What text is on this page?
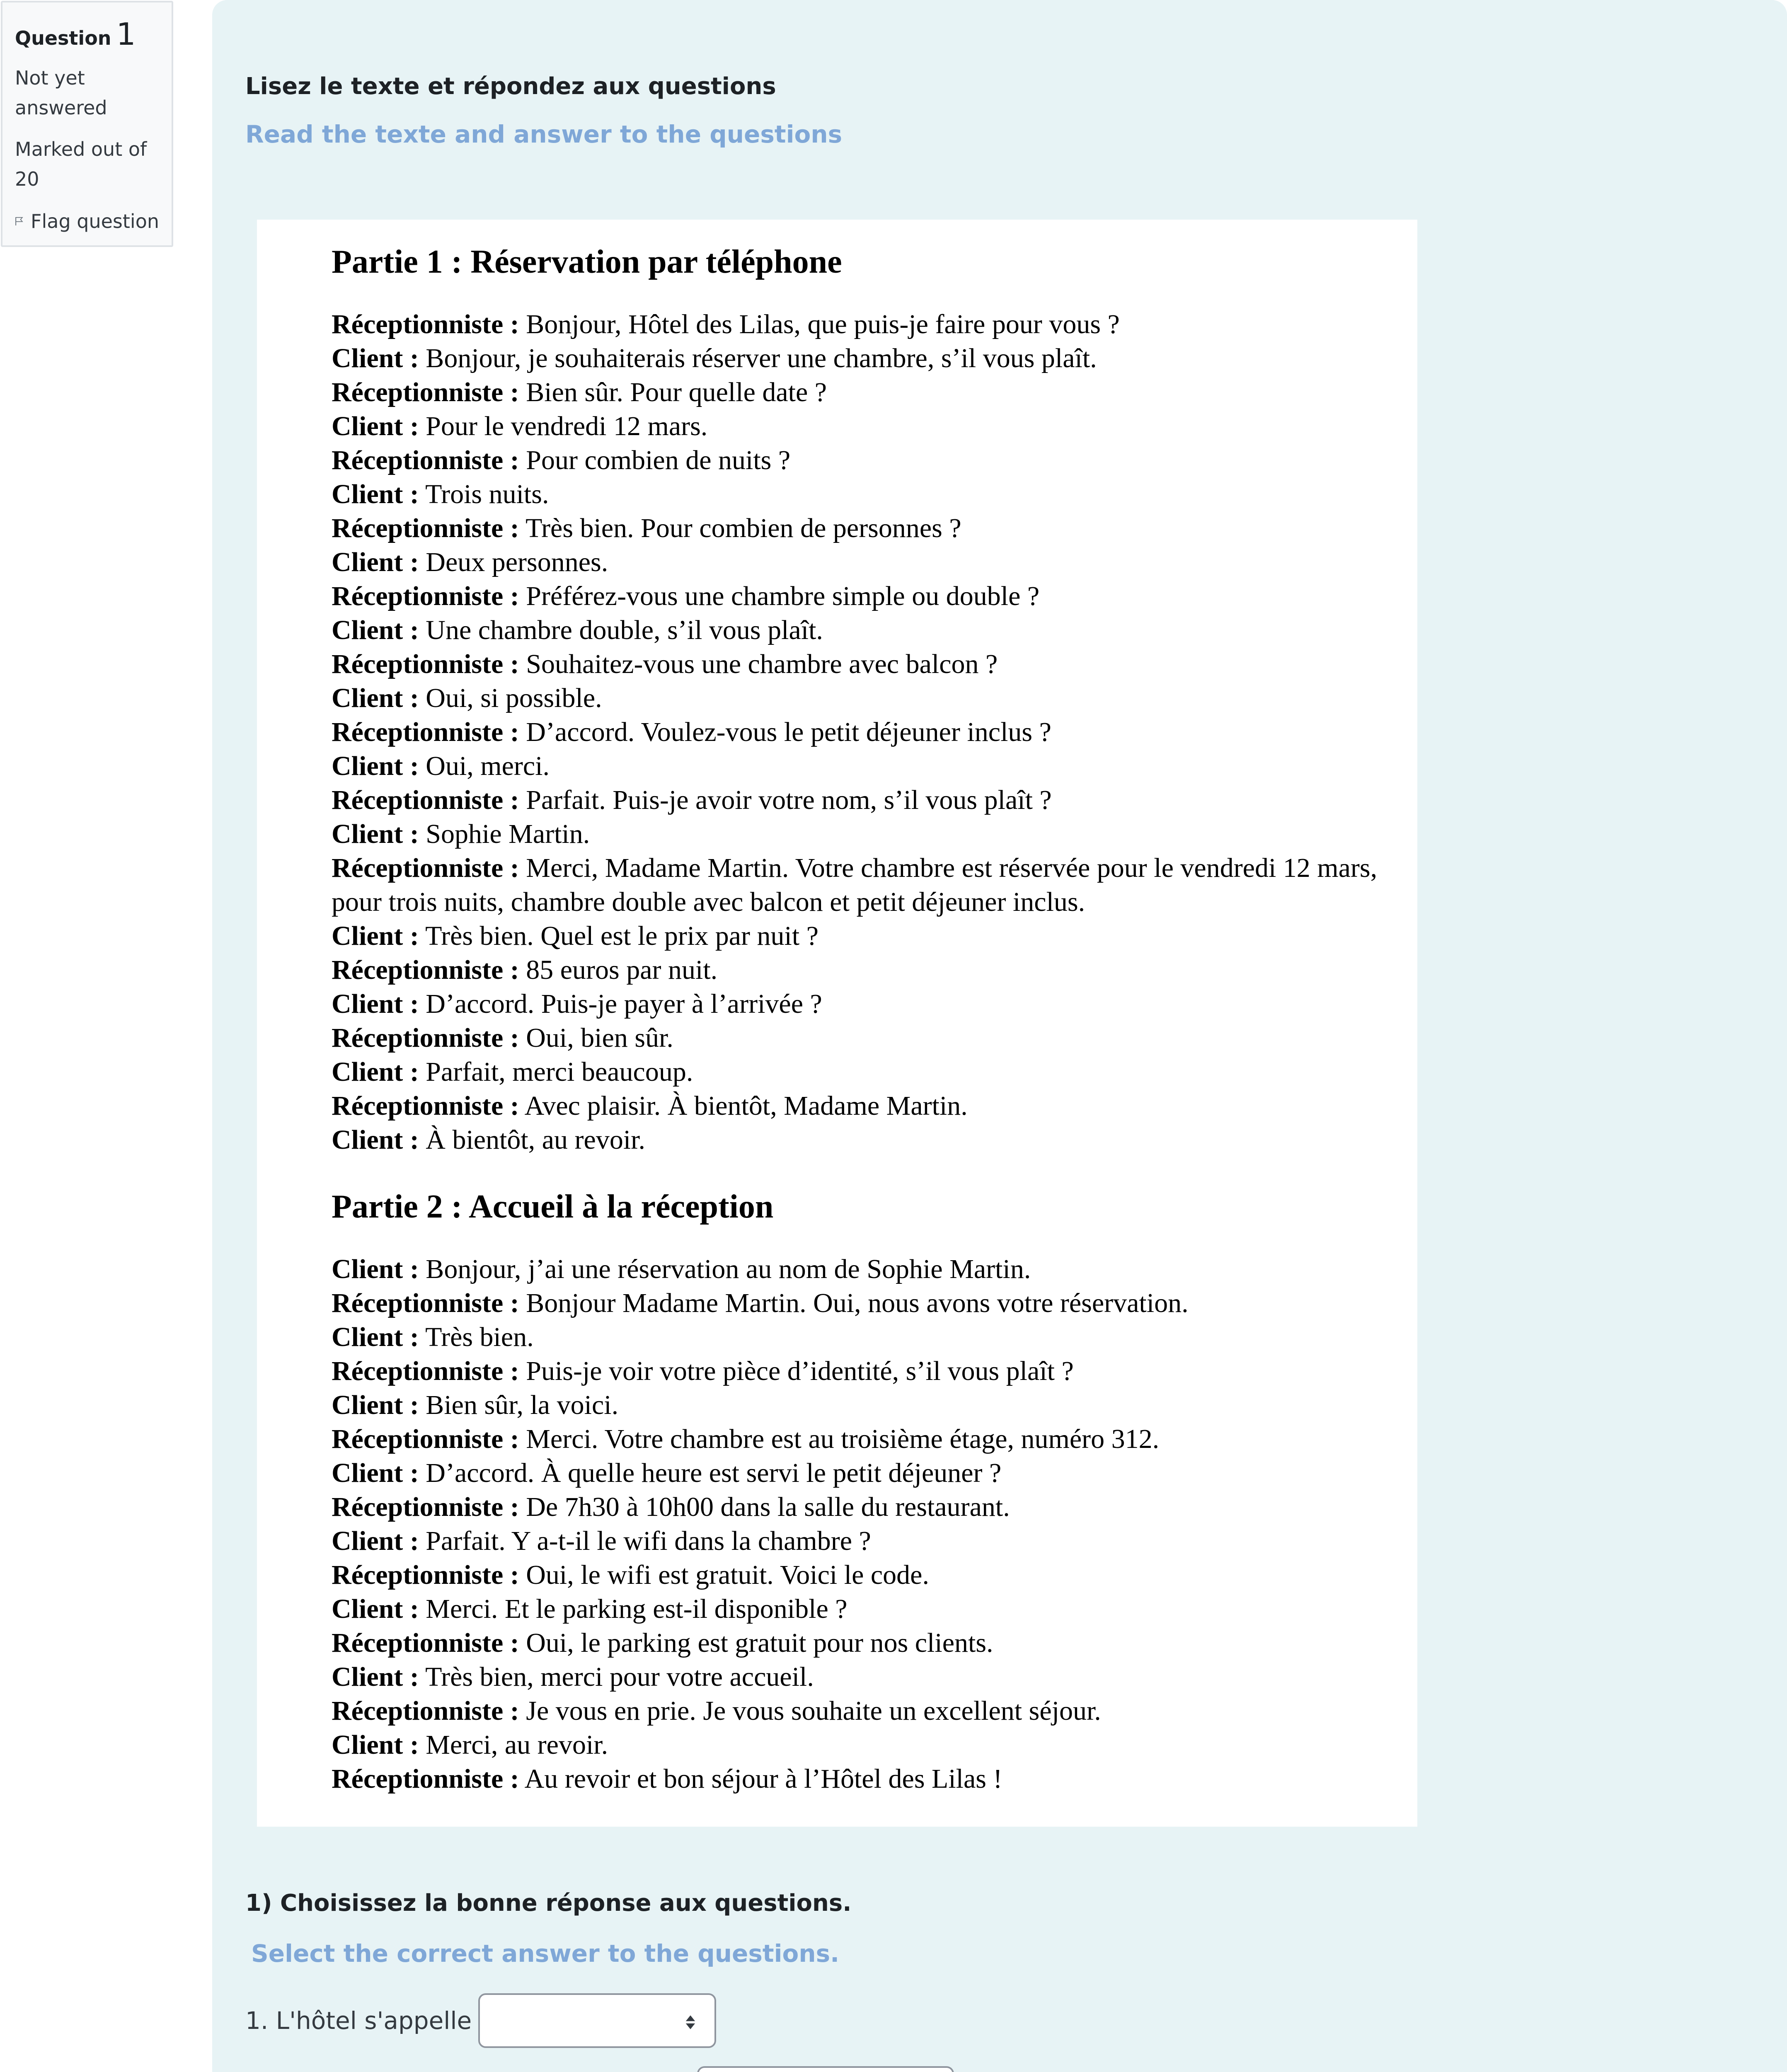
Question 1
Not yet
answered
Marked out of
20
Flag question
Lisez le texte et répondez aux questions
Read the texte and answer to the questions
Partie 1 : Réservation par téléphone
Réceptionniste : Bonjour, Hôtel des Lilas, que puis-je faire pour vous ?
Client : Bonjour, je souhaiterais réserver une chambre, s’il vous plaît.
Réceptionniste : Bien sûr. Pour quelle date ?
Client : Pour le vendredi 12 mars.
Réceptionniste : Pour combien de nuits ?
Client : Trois nuits.
Réceptionniste : Très bien. Pour combien de personnes ?
Client : Deux personnes.
Réceptionniste : Préférez-vous une chambre simple ou double ?
Client : Une chambre double, s’il vous plaît.
Réceptionniste : Souhaitez-vous une chambre avec balcon ?
Client : Oui, si possible.
Réceptionniste : D’accord. Voulez-vous le petit déjeuner inclus ?
Client : Oui, merci.
Réceptionniste : Parfait. Puis-je avoir votre nom, s’il vous plaît ?
Client : Sophie Martin.
Réceptionniste : Merci, Madame Martin. Votre chambre est réservée pour le vendredi 12 mars, pour trois nuits, chambre double avec balcon et petit déjeuner inclus.
Client : Très bien. Quel est le prix par nuit ?
Réceptionniste : 85 euros par nuit.
Client : D’accord. Puis-je payer à l’arrivée ?
Réceptionniste : Oui, bien sûr.
Client : Parfait, merci beaucoup.
Réceptionniste : Avec plaisir. À bientôt, Madame Martin.
Client : À bientôt, au revoir.
Partie 2 : Accueil à la réception
Client : Bonjour, j’ai une réservation au nom de Sophie Martin.
Réceptionniste : Bonjour Madame Martin. Oui, nous avons votre réservation.
Client : Très bien.
Réceptionniste : Puis-je voir votre pièce d’identité, s’il vous plaît ?
Client : Bien sûr, la voici.
Réceptionniste : Merci. Votre chambre est au troisième étage, numéro 312.
Client : D’accord. À quelle heure est servi le petit déjeuner ?
Réceptionniste : De 7h30 à 10h00 dans la salle du restaurant.
Client : Parfait. Y a-t-il le wifi dans la chambre ?
Réceptionniste : Oui, le wifi est gratuit. Voici le code.
Client : Merci. Et le parking est-il disponible ?
Réceptionniste : Oui, le parking est gratuit pour nos clients.
Client : Très bien, merci pour votre accueil.
Réceptionniste : Je vous en prie. Je vous souhaite un excellent séjour.
Client : Merci, au revoir.
Réceptionniste : Au revoir et bon séjour à l’Hôtel des Lilas !
1) Choisissez la bonne réponse aux questions.
Select the correct answer to the questions.
1. L'hôtel s'appelle
